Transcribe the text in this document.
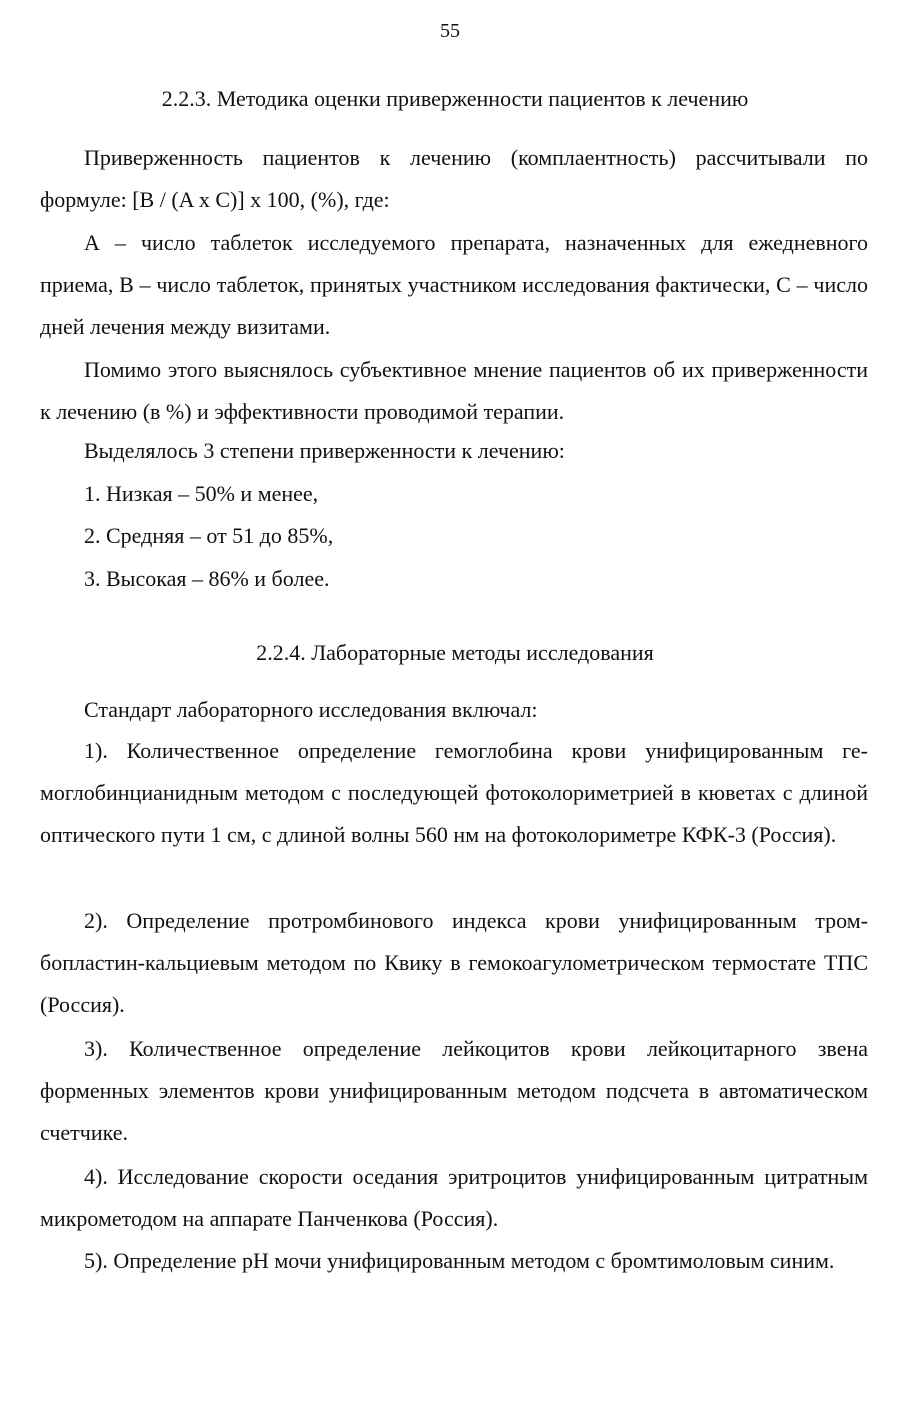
55
2.2.3. Методика оценки приверженности пациентов к лечению
Приверженность пациентов к лечению (комплаентность) рассчитывали по формуле: [B / (A x C)] x 100, (%), где:
А – число таблеток исследуемого препарата, назначенных для ежедневного приема, В – число таблеток, принятых участником исследования фактически, С – число дней лечения между визитами.
Помимо этого выяснялось субъективное мнение пациентов об их приверженности к лечению (в %) и эффективности проводимой терапии.
Выделялось 3 степени приверженности к лечению:
1. Низкая – 50% и менее,
2. Средняя – от 51 до 85%,
3. Высокая – 86% и более.
2.2.4. Лабораторные методы исследования
Стандарт лабораторного исследования включал:
1). Количественное определение гемоглобина крови унифицированным гемоглобинцианидным методом с последующей фотоколориметрией в кюветах с длиной оптического пути 1 см, с длиной волны 560 нм на фотоколориметре КФК-3 (Россия).
2). Определение протромбинового индекса крови унифицированным тромбопластин-кальциевым методом по Квику в гемокоагулометрическом термостате ТПС (Россия).
3). Количественное определение лейкоцитов крови лейкоцитарного звена форменных элементов крови унифицированным методом подсчета в автоматическом счетчике.
4). Исследование скорости оседания эритроцитов унифицированным цитратным микрометодом на аппарате Панченкова (Россия).
5). Определение pH мочи унифицированным методом с бромтимоловым синим.
